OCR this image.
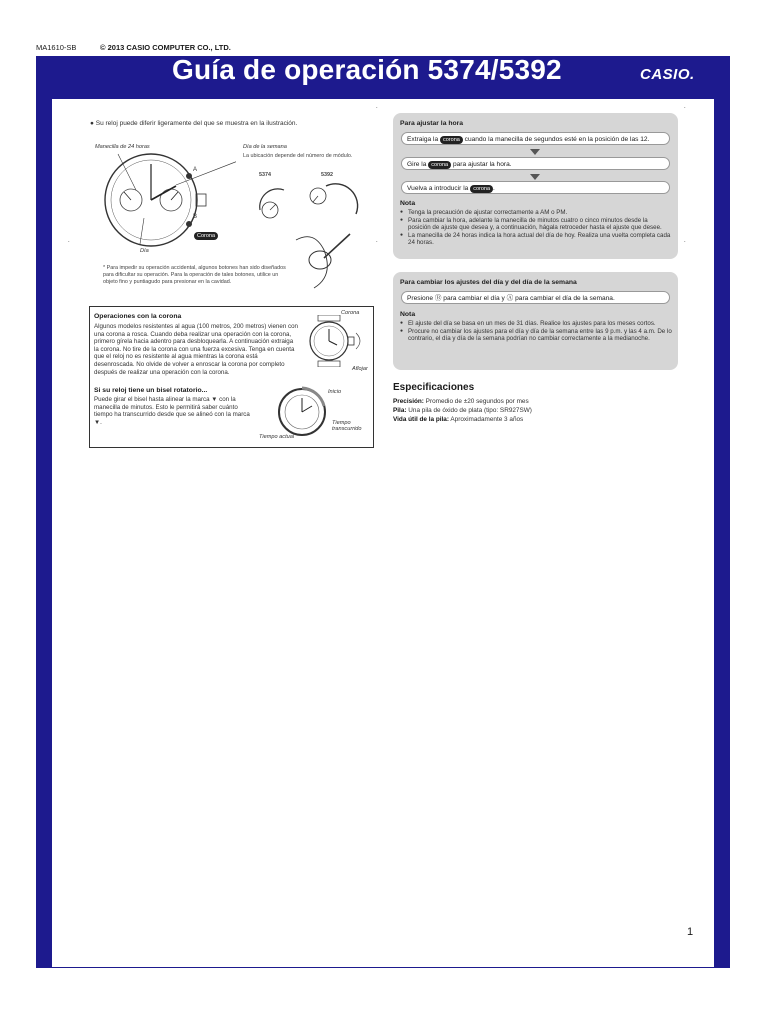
MA1610-SB	© 2013 CASIO COMPUTER CO., LTD.
Guía de operación 5374/5392	CASIO.
.	.
.	.	.
● Su reloj puede diferir ligeramente del que se muestra en la ilustración.
Manecilla de 24 horas	Día de la semana
La ubicación depende del número de módulo.
5374	5392
A
B
Corona
Día
* Para impedir su operación accidental, algunos botones han sido diseñados para dificultar su operación. Para la operación de tales botones, utilice un objeto fino y puntiagudo para presionar en la cavidad.
Operaciones con la corona

Algunos modelos resistentes al agua (100 metros, 200 metros) vienen con una corona a rosca. Cuando deba realizar una operación con la corona, primero gírela hacia adentro para desbloquearla. A continuación extraiga la corona. No tire de la corona con una fuerza excesiva. Tenga en cuenta que el reloj no es resistente al agua mientras la corona está desenroscada. No olvide de volver a enroscar la corona por completo después de realizar una operación con la corona.

Si su reloj tiene un bisel rotatorio...

Puede girar el bisel hasta alinear la marca ▼ con la manecilla de minutos. Esto le permitirá saber cuánto tiempo ha transcurrido desde que se alineó con la marca ▼.

Corona
Aflojar
Inicio
Tiempo transcurrido
Tiempo actual
Para ajustar la hora
Extraiga la corona cuando la manecilla de segundos esté en la posición de las 12.
Gire la corona para ajustar la hora.
Vuelva a introducir la corona .
Nota
● Tenga la precaución de ajustar correctamente a AM o PM.
● Para cambiar la hora, adelante la manecilla de minutos cuatro o cinco minutos desde la posición de ajuste que desea y, a continuación, hágala retroceder hasta el ajuste que desee.
● La manecilla de 24 horas indica la hora actual del día de hoy. Realiza una vuelta completa cada 24 horas.
Para cambiar los ajustes del día y del día de la semana
Presione Ⓑ para cambiar el día y Ⓐ para cambiar el día de la semana.
Nota
● El ajuste del día se basa en un mes de 31 días. Realice los ajustes para los meses cortos.
● Procure no cambiar los ajustes para el día y día de la semana entre las 9 p.m. y las 4 a.m. De lo contrario, el día y día de la semana podrían no cambiar correctamente a la medianoche.
Especificaciones
Precisión: Promedio de ±20 segundos por mes
Pila: Una pila de óxido de plata (tipo: SR927SW)
Vida útil de la pila: Aproximadamente 3 años
1
